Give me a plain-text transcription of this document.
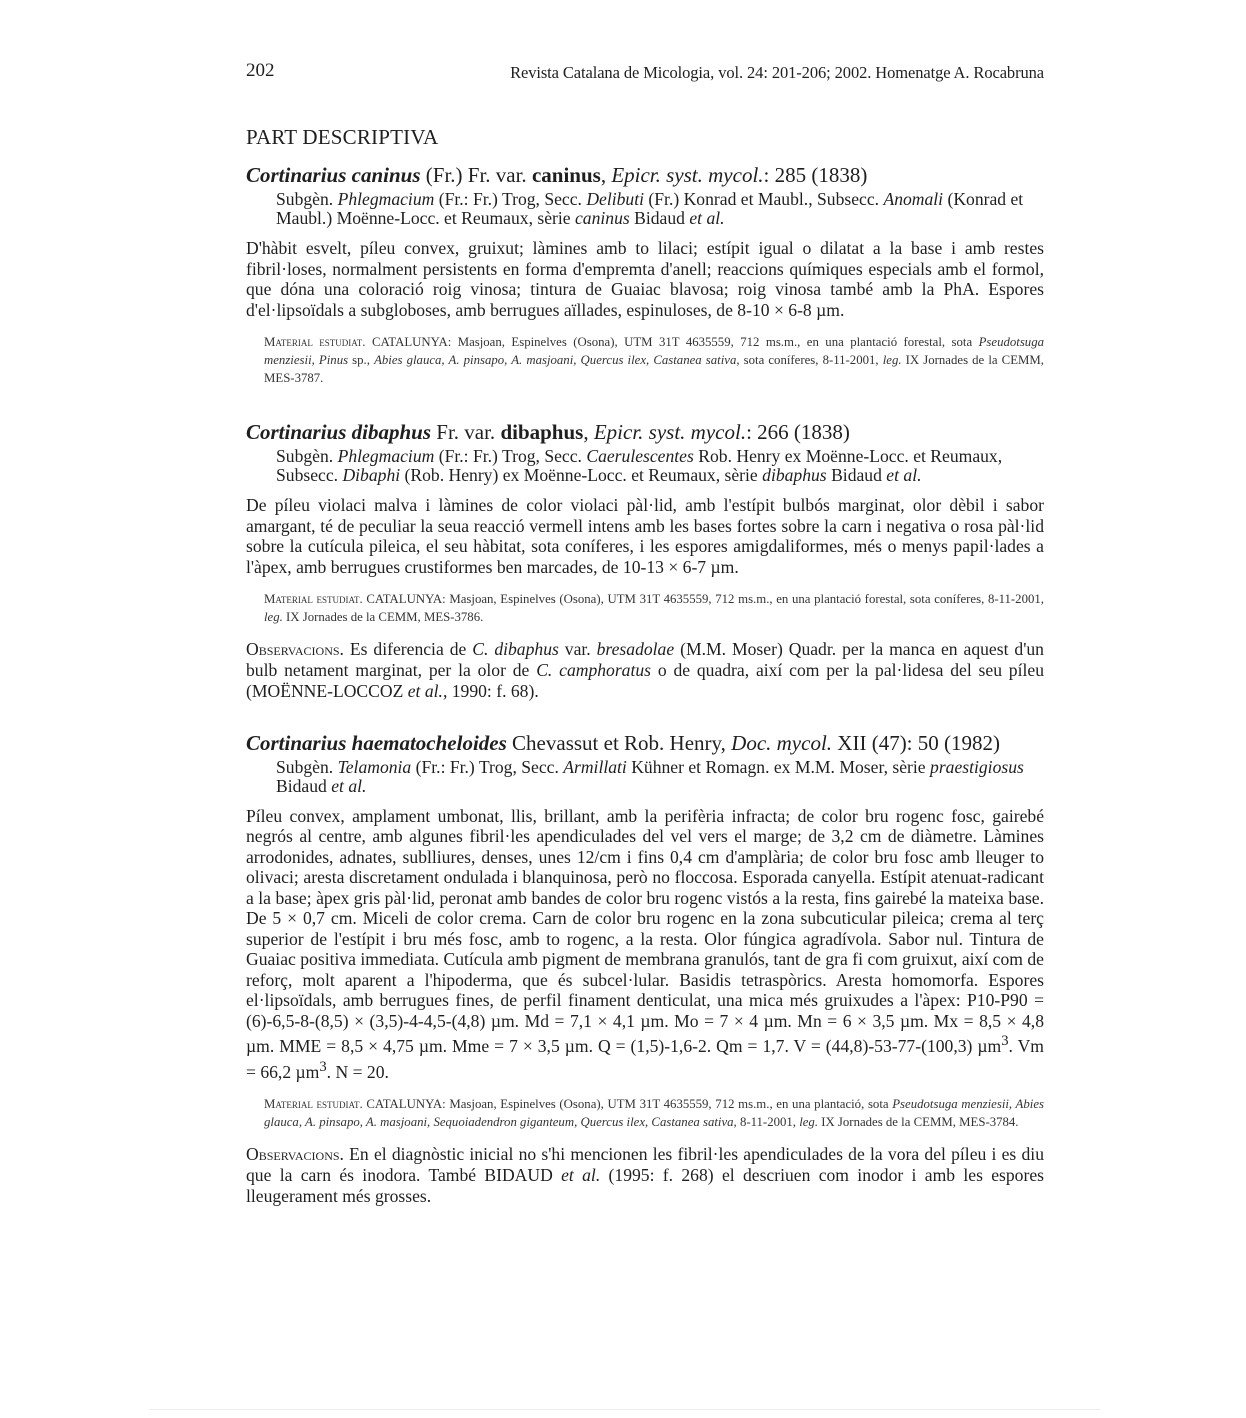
202	Revista Catalana de Micologia, vol. 24: 201-206; 2002. Homenatge A. Rocabruna
PART DESCRIPTIVA

Cortinarius caninus (Fr.) Fr. var. caninus, Epicr. syst. mycol.: 285 (1838)

Subgèn. Phlegmacium (Fr.: Fr.) Trog, Secc. Delibuti (Fr.) Konrad et Maubl., Subsecc. Anomali (Konrad et Maubl.) Moënne-Locc. et Reumaux, sèrie caninus Bidaud et al.

D'hàbit esvelt, píleu convex, gruixut; làmines amb to lilaci; estípit igual o dilatat a la base i amb restes fibril·loses, normalment persistents en forma d'empremta d'anell; reaccions químiques especials amb el formol, que dóna una coloració roig vinosa; tintura de Guaiac blavosa; roig vinosa també amb la PhA. Espores d'el·lipsoïdals a subgloboses, amb berrugues aïllades, espinuloses, de 8-10 × 6-8 µm.

Material estudiat. CATALUNYA: Masjoan, Espinelves (Osona), UTM 31T 4635559, 712 ms.m., en una plantació forestal, sota Pseudotsuga menziesii, Pinus sp., Abies glauca, A. pinsapo, A. masjoani, Quercus ilex, Castanea sativa, sota coníferes, 8-11-2001, leg. IX Jornades de la CEMM, MES-3787.

Cortinarius dibaphus Fr. var. dibaphus, Epicr. syst. mycol.: 266 (1838)

Subgèn. Phlegmacium (Fr.: Fr.) Trog, Secc. Caerulescentes Rob. Henry ex Moënne-Locc. et Reumaux, Subsecc. Dibaphi (Rob. Henry) ex Moënne-Locc. et Reumaux, sèrie dibaphus Bidaud et al.

De píleu violaci malva i làmines de color violaci pàl·lid, amb l'estípit bulbós marginat, olor dèbil i sabor amargant, té de peculiar la seua reacció vermell intens amb les bases fortes sobre la carn i negativa o rosa pàl·lid sobre la cutícula pileica, el seu hàbitat, sota coníferes, i les espores amigdaliformes, més o menys papil·lades a l'àpex, amb berrugues crustiformes ben marcades, de 10-13 × 6-7 µm.

Material estudiat. CATALUNYA: Masjoan, Espinelves (Osona), UTM 31T 4635559, 712 ms.m., en una plantació forestal, sota coníferes, 8-11-2001, leg. IX Jornades de la CEMM, MES-3786.

Observacions. Es diferencia de C. dibaphus var. bresadolae (M.M. Moser) Quadr. per la manca en aquest d'un bulb netament marginat, per la olor de C. camphoratus o de quadra, així com per la pal·lidesa del seu píleu (MOËNNE-LOCCOZ et al., 1990: f. 68).

Cortinarius haematocheloides Chevassut et Rob. Henry, Doc. mycol. XII (47): 50 (1982)

Subgèn. Telamonia (Fr.: Fr.) Trog, Secc. Armillati Kühner et Romagn. ex M.M. Moser, sèrie praestigiosus Bidaud et al.

Píleu convex, amplament umbonat, llis, brillant, amb la perifèria infracta; de color bru rogenc fosc, gairebé negrós al centre, amb algunes fibril·les apendiculades del vel vers el marge; de 3,2 cm de diàmetre. Làmines arrodonides, adnates, sublliures, denses, unes 12/cm i fins 0,4 cm d'amplària; de color bru fosc amb lleuger to olivaci; aresta discretament ondulada i blanquinosa, però no floccosa. Esporada canyella. Estípit atenuat-radicant a la base; àpex gris pàl·lid, peronat amb bandes de color bru rogenc vistós a la resta, fins gairebé la mateixa base. De 5 × 0,7 cm. Miceli de color crema. Carn de color bru rogenc en la zona subcuticular pileica; crema al terç superior de l'estípit i bru més fosc, amb to rogenc, a la resta. Olor fúngica agradívola. Sabor nul. Tintura de Guaiac positiva immediata. Cutícula amb pigment de membrana granulós, tant de gra fi com gruixut, així com de reforç, molt aparent a l'hipoderma, que és subcel·lular. Basidis tetraspòrics. Aresta homomorfa. Espores el·lipsoïdals, amb berrugues fines, de perfil finament denticulat, una mica més gruixudes a l'àpex: P10-P90 = (6)-6,5-8-(8,5) × (3,5)-4-4,5-(4,8) µm. Md = 7,1 × 4,1 µm. Mo = 7 × 4 µm. Mn = 6 × 3,5 µm. Mx = 8,5 × 4,8 µm. MME = 8,5 × 4,75 µm. Mme = 7 × 3,5 µm. Q = (1,5)-1,6-2. Qm = 1,7. V = (44,8)-53-77-(100,3) µm$^3$. Vm = 66,2 µm$^3$. N = 20.

Material estudiat. CATALUNYA: Masjoan, Espinelves (Osona), UTM 31T 4635559, 712 ms.m., en una plantació, sota Pseudotsuga menziesii, Abies glauca, A. pinsapo, A. masjoani, Sequoiadendron giganteum, Quercus ilex, Castanea sativa, 8-11-2001, leg. IX Jornades de la CEMM, MES-3784.

Observacions. En el diagnòstic inicial no s'hi mencionen les fibril·les apendiculades de la vora del píleu i es diu que la carn és inodora. També BIDAUD et al. (1995: f. 268) el descriuen com inodor i amb les espores lleugerament més grosses.
